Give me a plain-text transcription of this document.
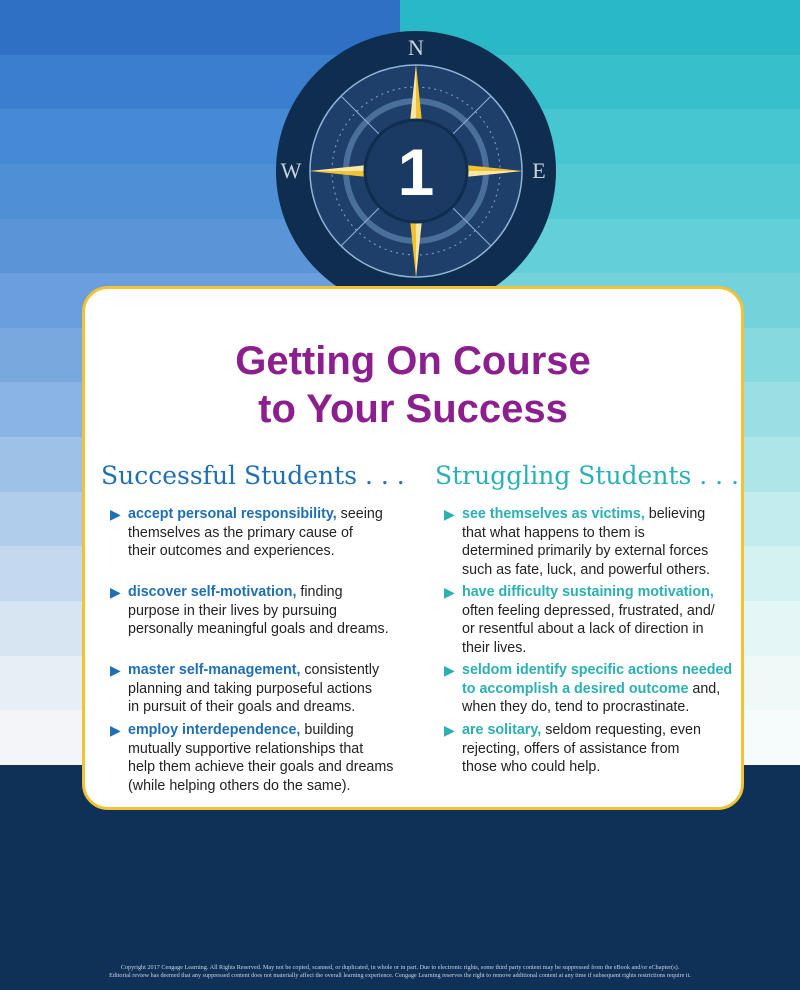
1
N
W	E
Getting On Course
to Your Success
Successful Students . . . Struggling Students . . .
▶ accept personal responsibility, seeing
themselves as the primary cause of
their outcomes and experiences.
▶ discover self-motivation, finding
purpose in their lives by pursuing
personally meaningful goals and dreams.
▶ master self-management, consistently
planning and taking purposeful actions
in pursuit of their goals and dreams.
▶ employ interdependence, building
mutually supportive relationships that
help them achieve their goals and dreams
(while helping others do the same).
▶ see themselves as victims, believing
that what happens to them is
determined primarily by external forces
such as fate, luck, and powerful others.
▶ have difficulty sustaining motivation,
often feeling depressed, frustrated, and/
or resentful about a lack of direction in
their lives.
▶ seldom identify specific actions needed
to accomplish a desired outcome and,
when they do, tend to procrastinate.
▶ are solitary, seldom requesting, even
rejecting, offers of assistance from
those who could help.
Copyright 2017 Cengage Learning. All Rights Reserved. May not be copied, scanned, or duplicated, in whole or in part. Due to electronic rights, some third party content may be suppressed from the eBook and/or eChapter(s).
Editorial review has deemed that any suppressed content does not materially affect the overall learning experience. Cengage Learning reserves the right to remove additional content at any time if subsequent rights restrictions require it.
